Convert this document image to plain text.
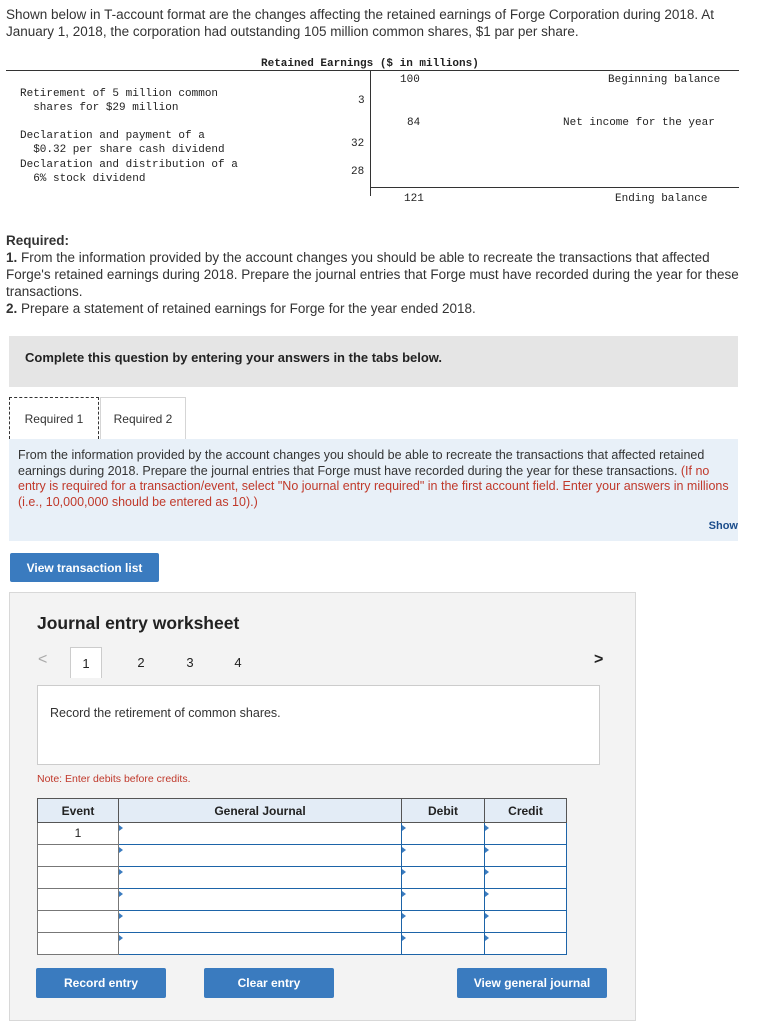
Shown below in T-account format are the changes affecting the retained earnings of Forge Corporation during 2018. At January 1, 2018, the corporation had outstanding 105 million common shares, $1 par per share.
Retained Earnings ($ in millions)
Retirement of 5 million common
shares for $29 million
3
Declaration and payment of a
$0.32 per share cash dividend	32
Declaration and distribution of a
6% stock dividend
28
100	Beginning balance
84	Net income for the year
121	Ending balance
Required:
1. From the information provided by the account changes you should be able to recreate the transactions that affected Forge's retained earnings during 2018. Prepare the journal entries that Forge must have recorded during the year for these transactions.
2. Prepare a statement of retained earnings for Forge for the year ended 2018.
Complete this question by entering your answers in the tabs below.
Required 1	Required 2
From the information provided by the account changes you should be able to recreate the transactions that affected retained earnings during 2018. Prepare the journal entries that Forge must have recorded during the year for these transactions. (If no entry is required for a transaction/event, select "No journal entry required" in the first account field. Enter your answers in millions (i.e., 10,000,000 should be entered as 10).)
Show
View transaction list
Journal entry worksheet
<	1	2	3	4	>
Record the retirement of common shares.
Note: Enter debits before credits.
Event	General Journal	Debit	Credit
1			

Record entry	Clear entry	View general journal
